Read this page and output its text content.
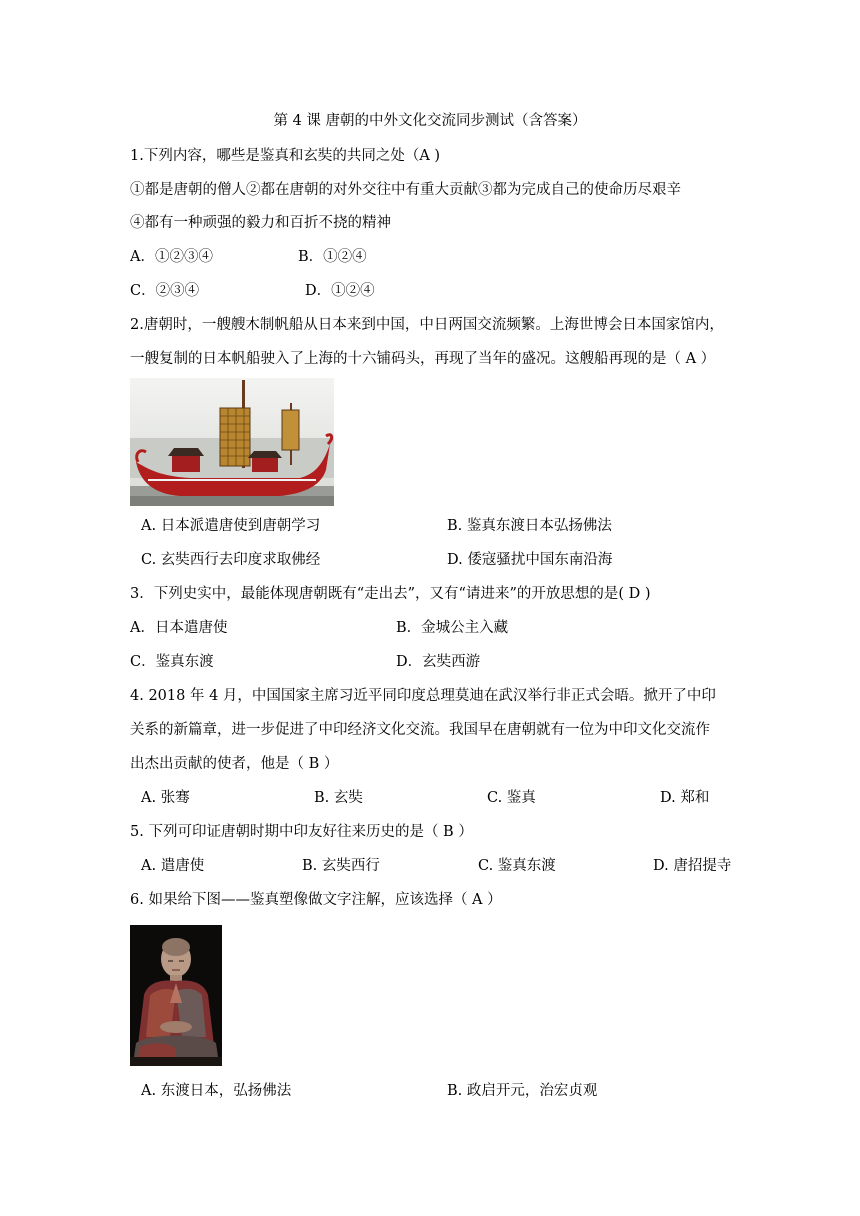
第 4 课 唐朝的中外文化交流同步测试（含答案）
1.下列内容，哪些是鉴真和玄奘的共同之处（A )
①都是唐朝的僧人②都在唐朝的对外交往中有重大贡献③都为完成自己的使命历尽艰辛
④都有一种顽强的毅力和百折不挠的精神
A．①②③④	B．①②④
C．②③④	D．①②④
2.唐朝时，一艘艘木制帆船从日本来到中国，中日两国交流频繁。上海世博会日本国家馆内，
一艘复制的日本帆船驶入了上海的十六铺码头，再现了当年的盛况。这艘船再现的是（ A ）
A. 日本派遣唐使到唐朝学习	B. 鉴真东渡日本弘扬佛法
C. 玄奘西行去印度求取佛经	D. 倭寇骚扰中国东南沿海
3．下列史实中，最能体现唐朝既有“走出去”，又有“请进来”的开放思想的是( D )
A．日本遣唐使	B．金城公主入藏
C．鉴真东渡	D．玄奘西游
4. 2018 年 4 月，中国国家主席习近平同印度总理莫迪在武汉举行非正式会晤。掀开了中印
关系的新篇章，进一步促进了中印经济文化交流。我国早在唐朝就有一位为中印文化交流作
出杰出贡献的使者，他是（ B ）
A. 张骞	B. 玄奘	C. 鉴真	D. 郑和
5. 下列可印证唐朝时期中印友好往来历史的是（ B ）
A. 遣唐使	B. 玄奘西行	C. 鉴真东渡	D. 唐招提寺
6. 如果给下图——鉴真塑像做文字注解，应该选择（ A ）
A. 东渡日本，弘扬佛法	B. 政启开元，治宏贞观
